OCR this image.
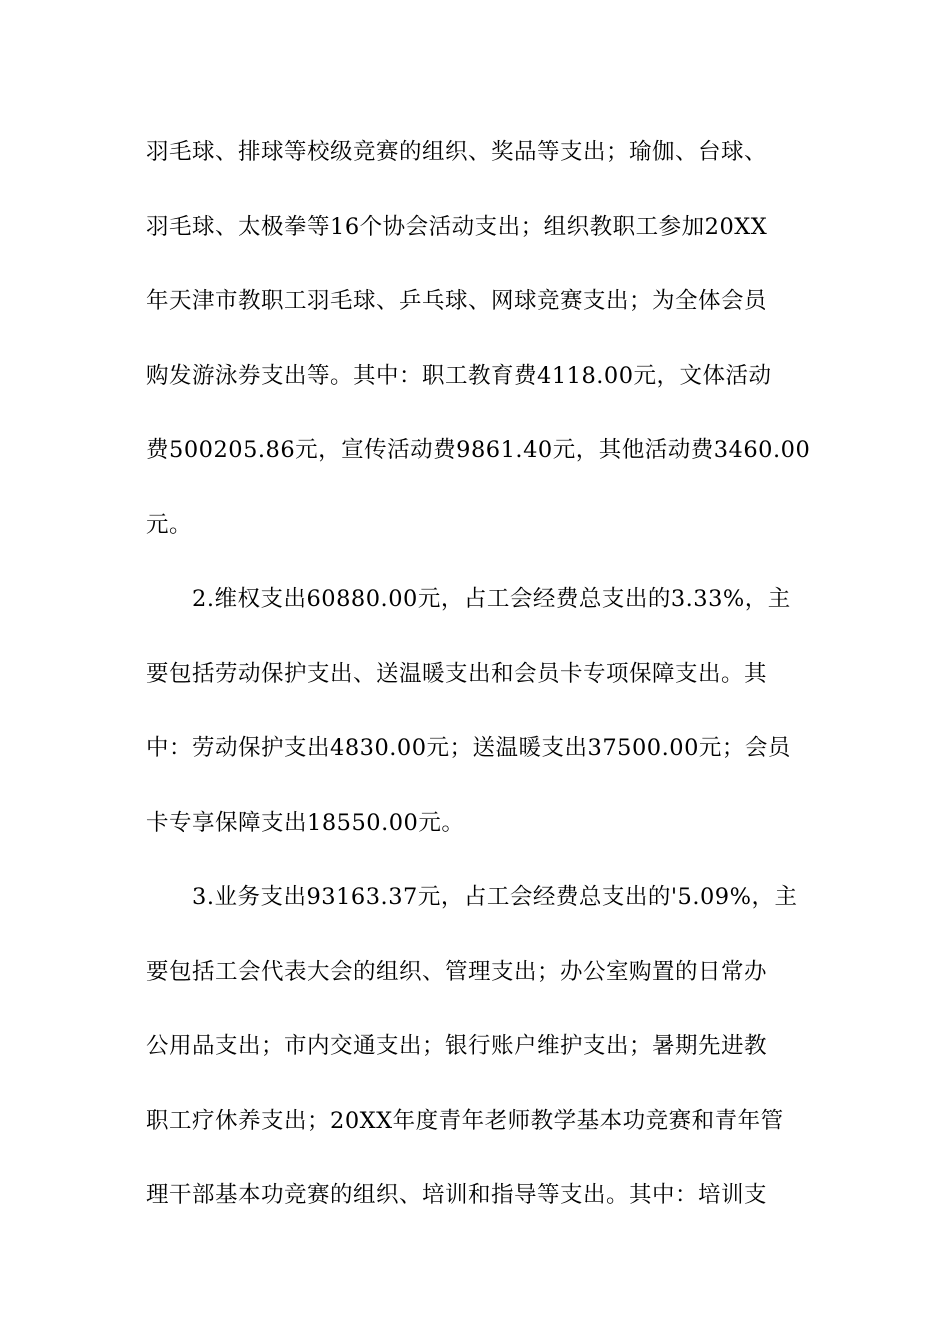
羽毛球、排球等校级竞赛的组织、奖品等支出；瑜伽、台球、
羽毛球、太极拳等16个协会活动支出；组织教职工参加20XX
年天津市教职工羽毛球、乒乓球、网球竞赛支出；为全体会员
购发游泳券支出等。其中：职工教育费4118.00元，文体活动
费500205.86元，宣传活动费9861.40元，其他活动费3460.00
元。
2.维权支出60880.00元，占工会经费总支出的3.33%，主
要包括劳动保护支出、送温暖支出和会员卡专项保障支出。其
中：劳动保护支出4830.00元；送温暖支出37500.00元；会员
卡专享保障支出18550.00元。
3.业务支出93163.37元，占工会经费总支出的'5.09%，主
要包括工会代表大会的组织、管理支出；办公室购置的日常办
公用品支出；市内交通支出；银行账户维护支出；暑期先进教
职工疗休养支出；20XX年度青年老师教学基本功竞赛和青年管
理干部基本功竞赛的组织、培训和指导等支出。其中：培训支
